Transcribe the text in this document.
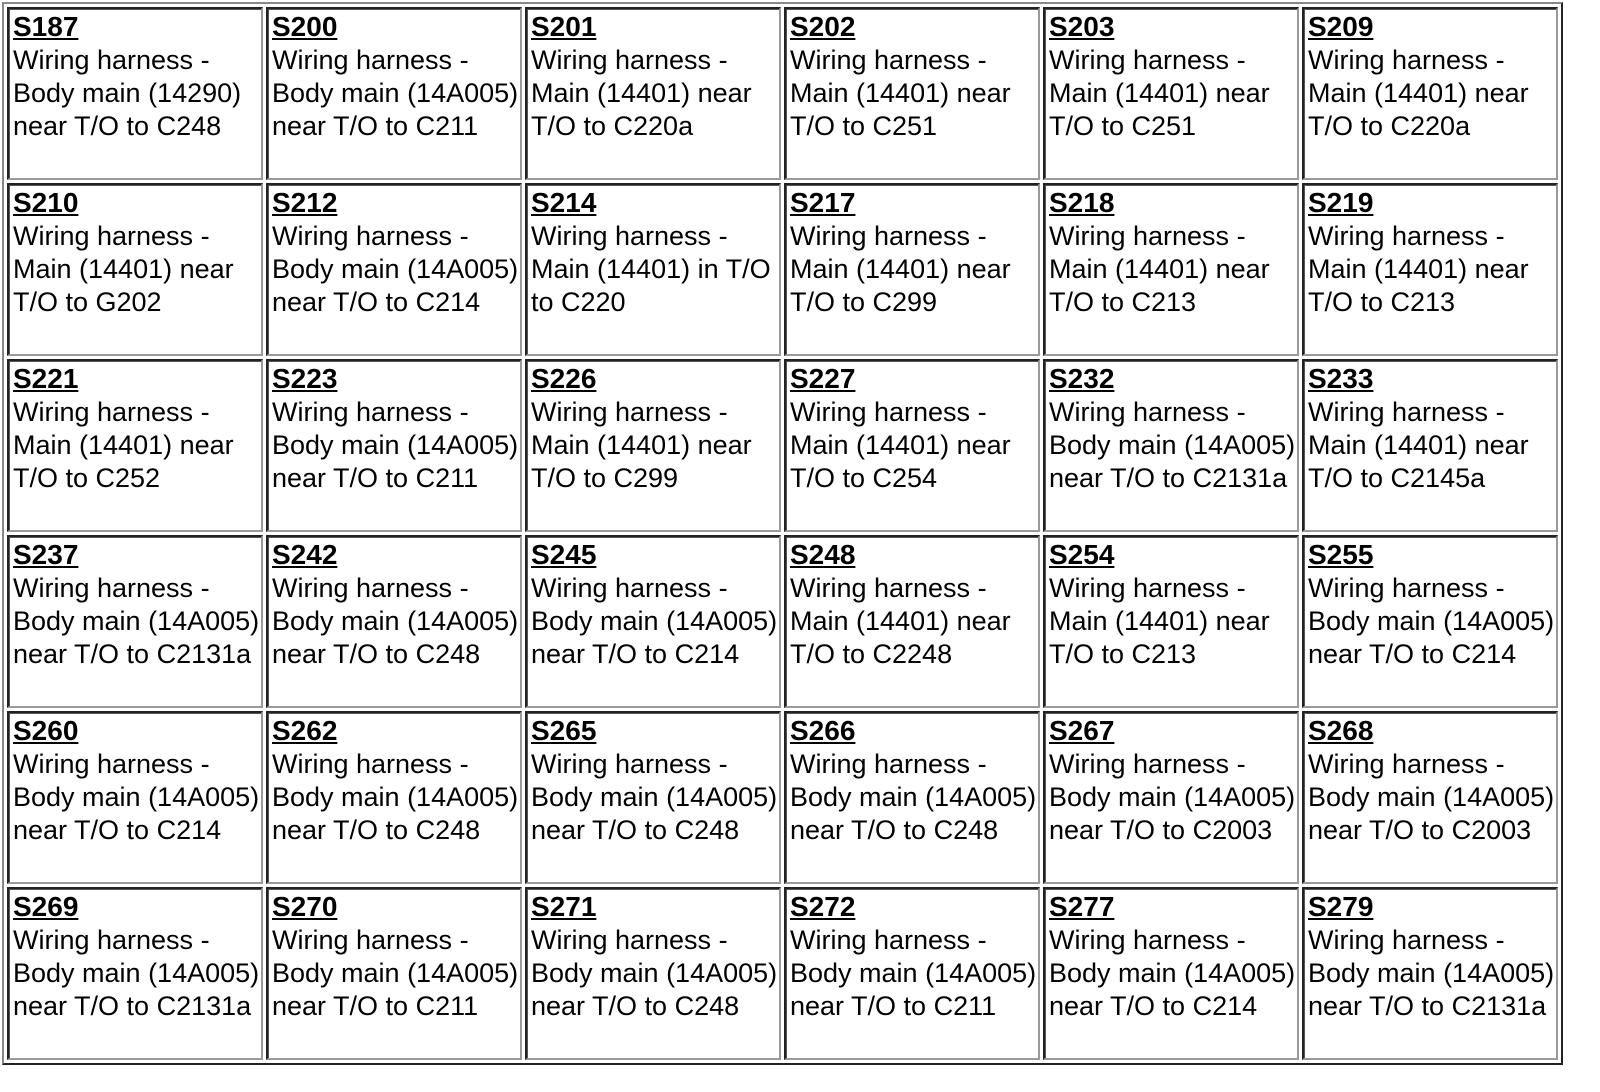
S187
Wiring harness - Body main (14290) near T/O to C248	S200
Wiring harness - Body main (14A005) near T/O to C211	S201
Wiring harness - Main (14401) near T/O to C220a	S202
Wiring harness - Main (14401) near T/O to C251	S203
Wiring harness - Main (14401) near T/O to C251	S209
Wiring harness - Main (14401) near T/O to C220a

S210
Wiring harness - Main (14401) near T/O to G202	S212
Wiring harness - Body main (14A005) near T/O to C214	S214
Wiring harness - Main (14401) in T/O to C220	S217
Wiring harness - Main (14401) near T/O to C299	S218
Wiring harness - Main (14401) near T/O to C213	S219
Wiring harness - Main (14401) near T/O to C213

S221
Wiring harness - Main (14401) near T/O to C252	S223
Wiring harness - Body main (14A005) near T/O to C211	S226
Wiring harness - Main (14401) near T/O to C299	S227
Wiring harness - Main (14401) near T/O to C254	S232
Wiring harness - Body main (14A005) near T/O to C2131a	S233
Wiring harness - Main (14401) near T/O to C2145a

S237
Wiring harness - Body main (14A005) near T/O to C2131a	S242
Wiring harness - Body main (14A005) near T/O to C248	S245
Wiring harness - Body main (14A005) near T/O to C214	S248
Wiring harness - Main (14401) near T/O to C2248	S254
Wiring harness - Main (14401) near T/O to C213	S255
Wiring harness - Body main (14A005) near T/O to C214

S260
Wiring harness - Body main (14A005) near T/O to C214	S262
Wiring harness - Body main (14A005) near T/O to C248	S265
Wiring harness - Body main (14A005) near T/O to C248	S266
Wiring harness - Body main (14A005) near T/O to C248	S267
Wiring harness - Body main (14A005) near T/O to C2003	S268
Wiring harness - Body main (14A005) near T/O to C2003

S269
Wiring harness - Body main (14A005) near T/O to C2131a	S270
Wiring harness - Body main (14A005) near T/O to C211	S271
Wiring harness - Body main (14A005) near T/O to C248	S272
Wiring harness - Body main (14A005) near T/O to C211	S277
Wiring harness - Body main (14A005) near T/O to C214	S279
Wiring harness - Body main (14A005) near T/O to C2131a
